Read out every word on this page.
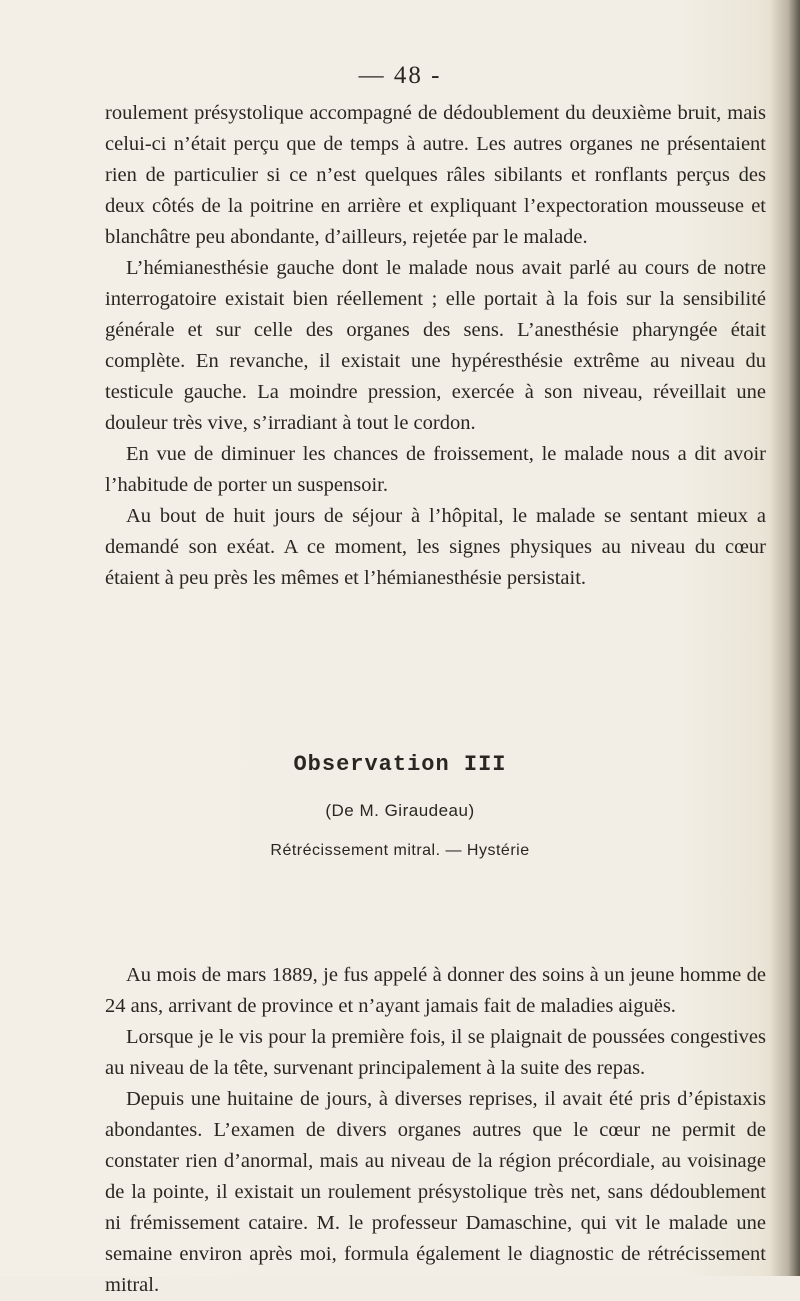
— 48 -

roulement présystolique accompagné de dédoublement du deuxième bruit, mais celui-ci n’était perçu que de temps à autre. Les autres organes ne présentaient rien de particulier si ce n’est quelques râles sibilants et ronflants perçus des deux côtés de la poitrine en arrière et expliquant l’expectoration mousseuse et blanchâtre peu abondante, d’ailleurs, rejetée par le malade.

L’hémianesthésie gauche dont le malade nous avait parlé au cours de notre interrogatoire existait bien réellement ; elle portait à la fois sur la sensibilité générale et sur celle des organes des sens. L’anesthésie pharyngée était complète. En revanche, il existait une hypéresthésie extrême au niveau du testicule gauche. La moindre pression, exercée à son niveau, réveillait une douleur très vive, s’irradiant à tout le cordon.

En vue de diminuer les chances de froissement, le malade nous a dit avoir l’habitude de porter un suspensoir.

Au bout de huit jours de séjour à l’hôpital, le malade se sentant mieux a demandé son exéat. A ce moment, les signes physiques au niveau du cœur étaient à peu près les mêmes et l’hémianesthésie persistait.

Observation III
(De M. Giraudeau)
Rétrécissement mitral. — Hystérie

Au mois de mars 1889, je fus appelé à donner des soins à un jeune homme de 24 ans, arrivant de province et n’ayant jamais fait de maladies aiguës.

Lorsque je le vis pour la première fois, il se plaignait de poussées congestives au niveau de la tête, survenant principalement à la suite des repas.

Depuis une huitaine de jours, à diverses reprises, il avait été pris d’épistaxis abondantes. L’examen de divers organes autres que le cœur ne permit de constater rien d’anormal, mais au niveau de la région précordiale, au voisinage de la pointe, il existait un roulement présystolique très net, sans dédoublement ni frémissement cataire. M. le professeur Damaschine, qui vit le malade une semaine environ après moi, formula également le diagnostic de rétrécissement mitral.
